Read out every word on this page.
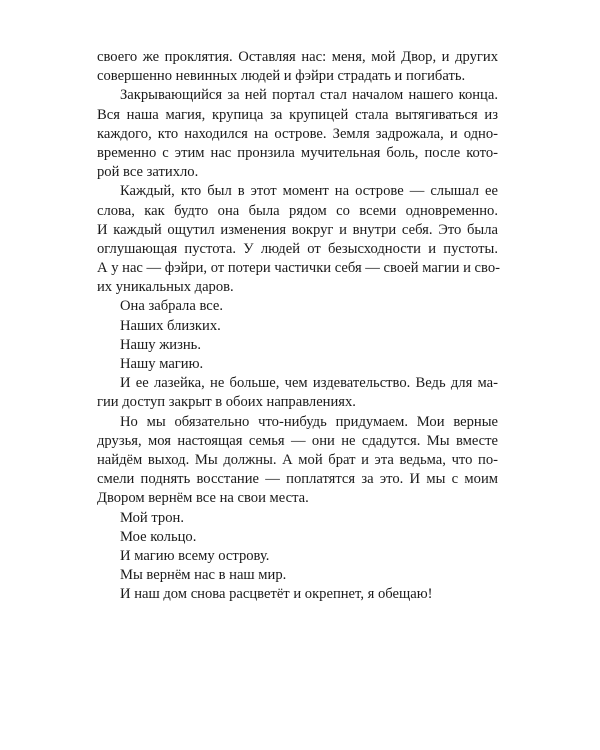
своего же проклятия. Оставляя нас: меня, мой Двор, и других
совершенно невинных людей и фэйри страдать и погибать.
Закрывающийся за ней портал стал началом нашего конца.
Вся наша магия, крупица за крупицей стала вытягиваться из
каждого, кто находился на острове. Земля задрожала, и одно-
временно с этим нас пронзила мучительная боль, после кото-
рой все затихло.
Каждый, кто был в этот момент на острове — слышал ее
слова, как будто она была рядом со всеми одновременно.
И каждый ощутил изменения вокруг и внутри себя. Это была
оглушающая пустота. У людей от безысходности и пустоты.
А у нас — фэйри, от потери частички себя — своей магии и сво-
их уникальных даров.
Она забрала все.
Наших близких.
Нашу жизнь.
Нашу магию.
И ее лазейка, не больше, чем издевательство. Ведь для ма-
гии доступ закрыт в обоих направлениях.
Но мы обязательно что-нибудь придумаем. Мои верные
друзья, моя настоящая семья — они не сдадутся. Мы вместе
найдём выход. Мы должны. А мой брат и эта ведьма, что по-
смели поднять восстание — поплатятся за это. И мы с моим
Двором вернём все на свои места.
Мой трон.
Мое кольцо.
И магию всему острову.
Мы вернём нас в наш мир.
И наш дом снова расцветёт и окрепнет, я обещаю!
